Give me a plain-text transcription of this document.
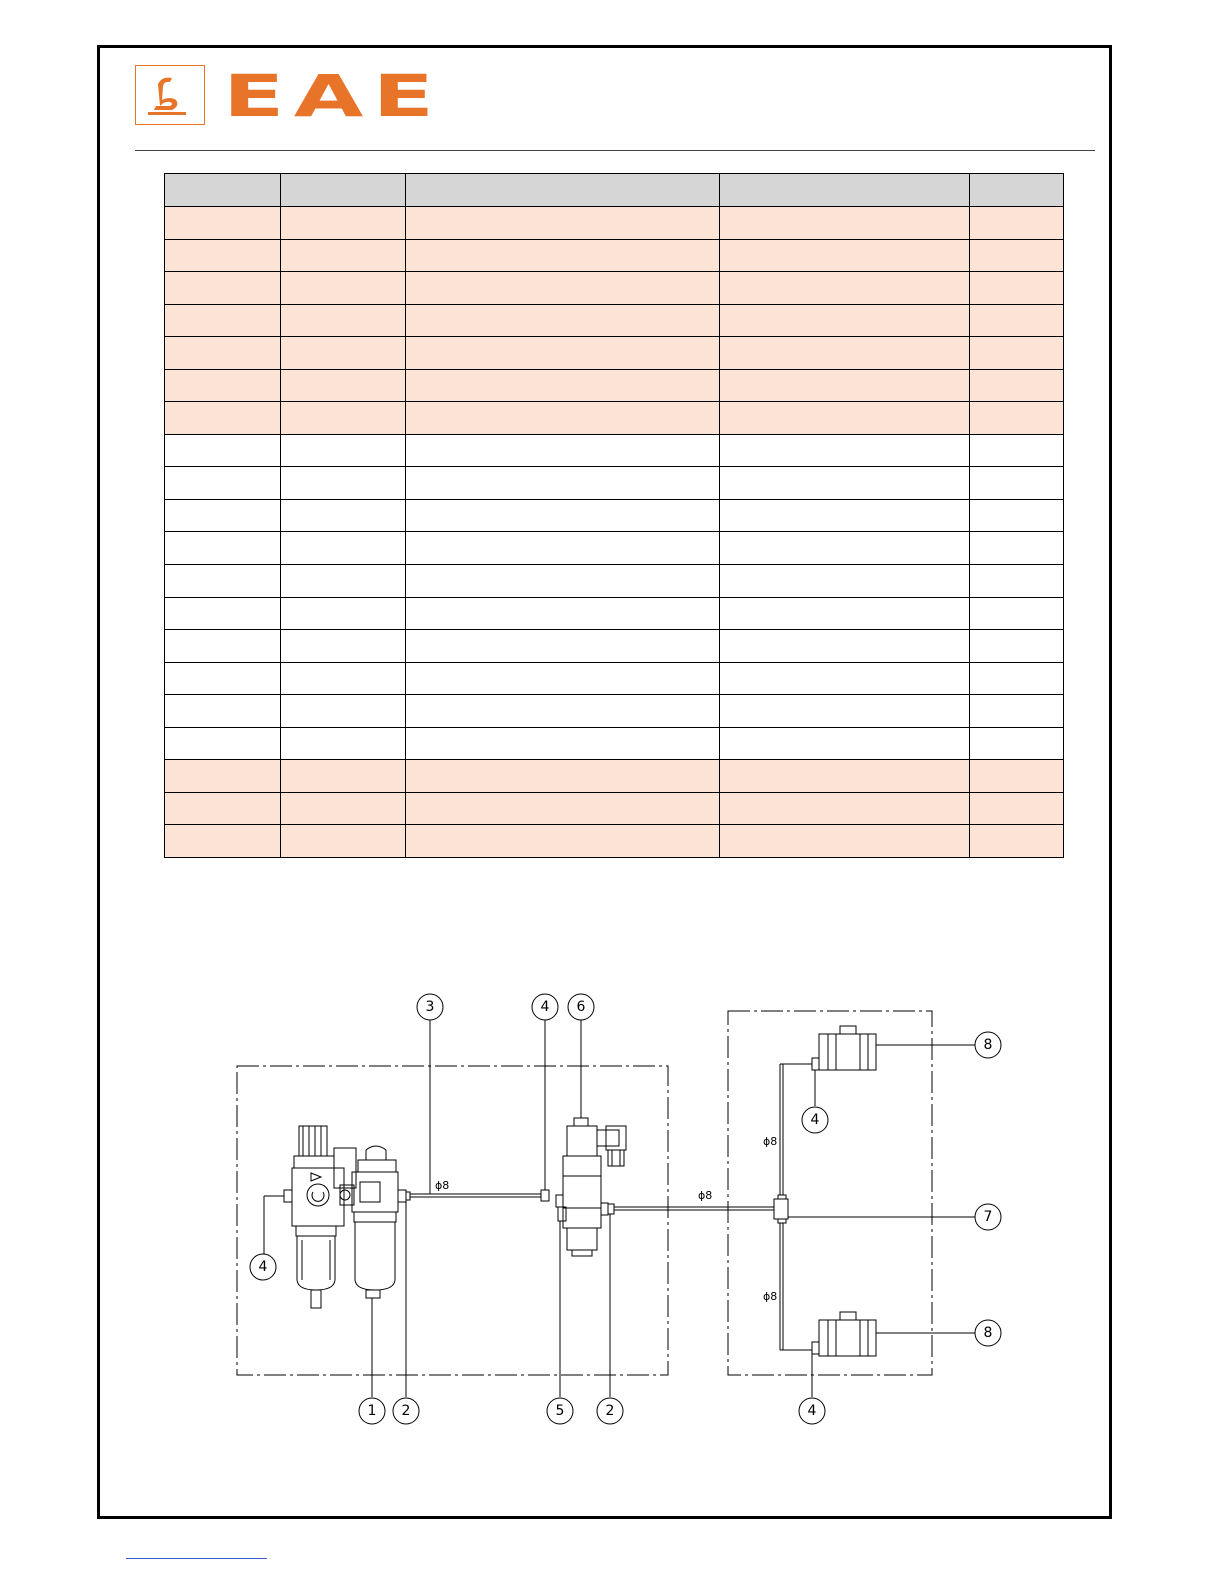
EAE

3	4 6
4
1 2	5	2
8
4
7
8
4
ϕ8
ϕ8
ϕ8
ϕ8
